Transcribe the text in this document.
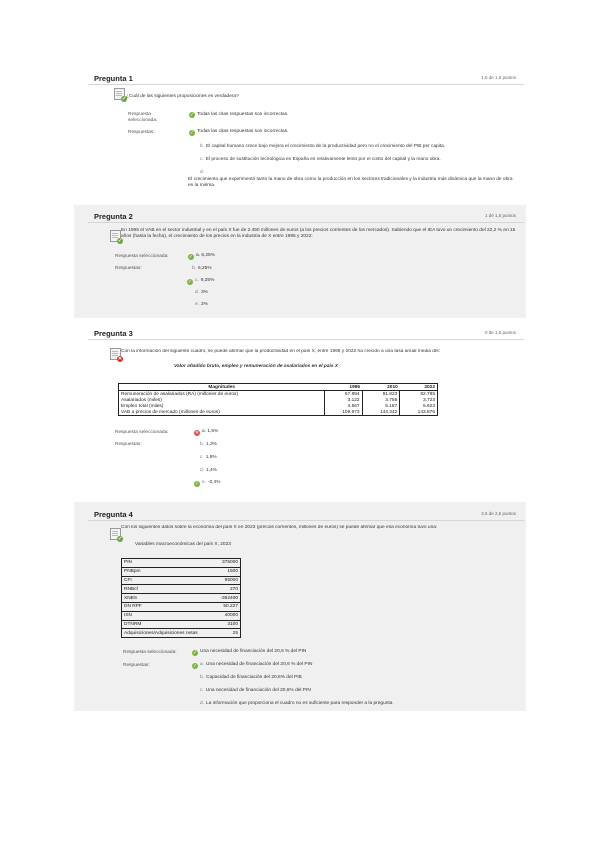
Pregunta 1	1,5 de 1,5 puntos
✓ ¿Cuál de las siguientes proposiciones es verdadera?
Respuesta seleccionada:
✓ Todas las citas respuestas son incorrectas.
Respuestas:	✓ Todas las citas respuestas son incorrectas.
b. El capital humano crece bajo mejora el crecimiento de la productividad pero no el crecimiento del PIB per capita.
c. El proceso de sustitución tecnológica en España es relativamente lento por el costo del capital y la mano obra.
d.
El crecimiento que experimentó tanto la mano de obra como la producción en los sectores tradicionales y la industria más dinámica que la mano de obra en la misma.
Pregunta 2	1 de 1,5 puntos
✓
En 1995 el VAB en el sector industrial y en el país X fue de 2.450 millones de euros (a los precios corrientes de los mercados). Sabiendo que el IEA tuvo un crecimiento del 22,2 % en 15 años (hasta la fecha), el crecimiento de los precios en la industria de X entre 1995 y 2022:
Respuesta seleccionada:	✓ a. 6,25%
Respuestas:	b. 6,25%
✓ c. 9,25%
d. 3%
e. 2%
Pregunta 3	0 de 1,5 puntos
✕
Con la información del siguiente cuadro, se puede afirmar que la productividad en el país X, entre 1995 y 2022 ha crecido a una tasa anual media del:
Valor añadido bruto, empleo y remuneración de asalariados en el país X
Magnitudes	1995	2010	2022
Remuneración de asalariados (RA) (millones de euros)	67.894	91.823	82.785
Asalariados (miles)	3.122	3.756	3.723
Empleo total (miles)	4.567	5.187	5.623
VAB a precios de mercado (millones de euros)	109.673	144.342	143.876
Respuesta seleccionada:	✕ a. 1,5%
Respuestas:	b. 1,3%
c. 1,8%
d. 1,4%
✓ e. -0,4%
Pregunta 4	2,5 de 2,5 puntos
✓
Con los siguientes datos sobre la economía del país X en 2023 (precios corrientes, millones de euros) se puede afirmar que esa economía tuvo una:
Variables macroeconómicas del país X, 2023
PIN	375000
PNBpm	1500
CFI	95000
RNBcf	270
XNBS	-362400
DN RPF	50.227
ISN	40000
DTNRM	3100
Adquisiciones/Adquisiciones netas	25
Respuesta seleccionada:	✓ Una necesidad de financiación del 20,6 % del PIN
Respuestas:	✓ a. Una necesidad de financiación del 20,6 % del PIN
b. Capacidad de financiación del 20,6% del PIB
c. Una necesidad de financiación del 20,6% del PIN
d. La información que proporciona el cuadro no es suficiente para responder a la pregunta
